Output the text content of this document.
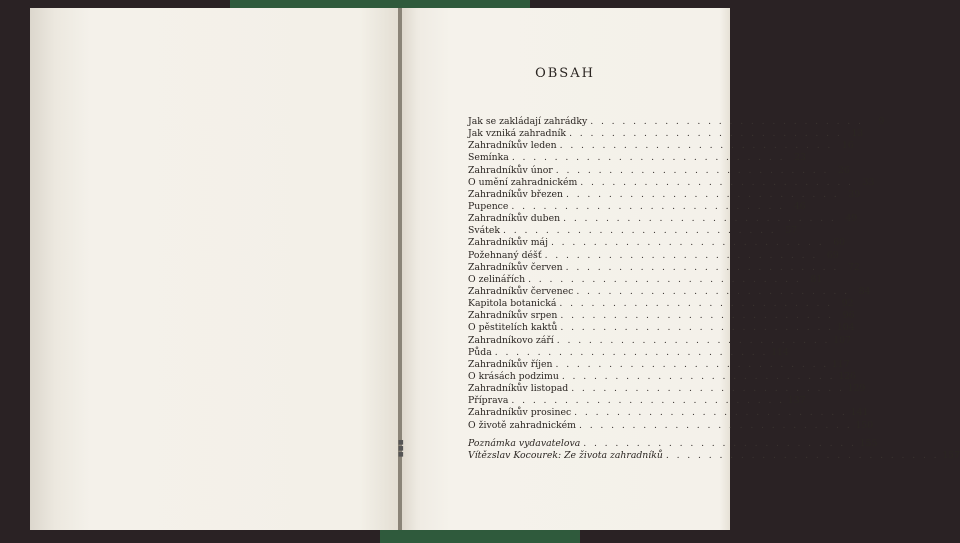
■
■
■
OBSAH
Jak se zakládají zahrádky . . . . . . . . . . . . . . . . . . . . . . . . . .	9
Jak vzniká zahradník . . . . . . . . . . . . . . . . . . . . . . . . . . 13
Zahradníkův leden . . . . . . . . . . . . . . . . . . . . . . . . . . 16
Semínka . . . . . . . . . . . . . . . . . . . . . . . . . . 23
Zahradníkův únor . . . . . . . . . . . . . . . . . . . . . . . . . . 26
O umění zahradnickém . . . . . . . . . . . . . . . . . . . . . . . . . . 33
Zahradníkův březen . . . . . . . . . . . . . . . . . . . . . . . . . . 39
Pupence . . . . . . . . . . . . . . . . . . . . . . . . . . 46
Zahradníkův duben . . . . . . . . . . . . . . . . . . . . . . . . . . 49
Svátek . . . . . . . . . . . . . . . . . . . . . . . . . . 57
Zahradníkův máj . . . . . . . . . . . . . . . . . . . . . . . . . . 60
Požehnaný déšť . . . . . . . . . . . . . . . . . . . . . . . . . . 69
Zahradníkův červen . . . . . . . . . . . . . . . . . . . . . . . . . . 72
O zelinářích . . . . . . . . . . . . . . . . . . . . . . . . . . 81
Zahradníkův červenec . . . . . . . . . . . . . . . . . . . . . . . . . . 84
Kapitola botanická . . . . . . . . . . . . . . . . . . . . . . . . . . 92
Zahradníkův srpen . . . . . . . . . . . . . . . . . . . . . . . . . . 96
O pěstitelích kaktů . . . . . . . . . . . . . . . . . . . . . . . . . . 104
Zahradníkovo září . . . . . . . . . . . . . . . . . . . . . . . . . . 107
Půda . . . . . . . . . . . . . . . . . . . . . . . . . . 114
Zahradníkův říjen . . . . . . . . . . . . . . . . . . . . . . . . . . 117
O krásách podzimu . . . . . . . . . . . . . . . . . . . . . . . . . . 126
Zahradníkův listopad . . . . . . . . . . . . . . . . . . . . . . . . . . 129
Příprava . . . . . . . . . . . . . . . . . . . . . . . . . . 137
Zahradníkův prosinec . . . . . . . . . . . . . . . . . . . . . . . . . . 141
O životě zahradnickém . . . . . . . . . . . . . . . . . . . . . . . . . . 150
Poznámka vydavatelova . . . . . . . . . . . . . . . . . . . . . . . . . . 155
Vítězslav Kocourek: Ze života zahradníků . . . . . . . . . . . . . . . . . . . . . . . . . . 157
